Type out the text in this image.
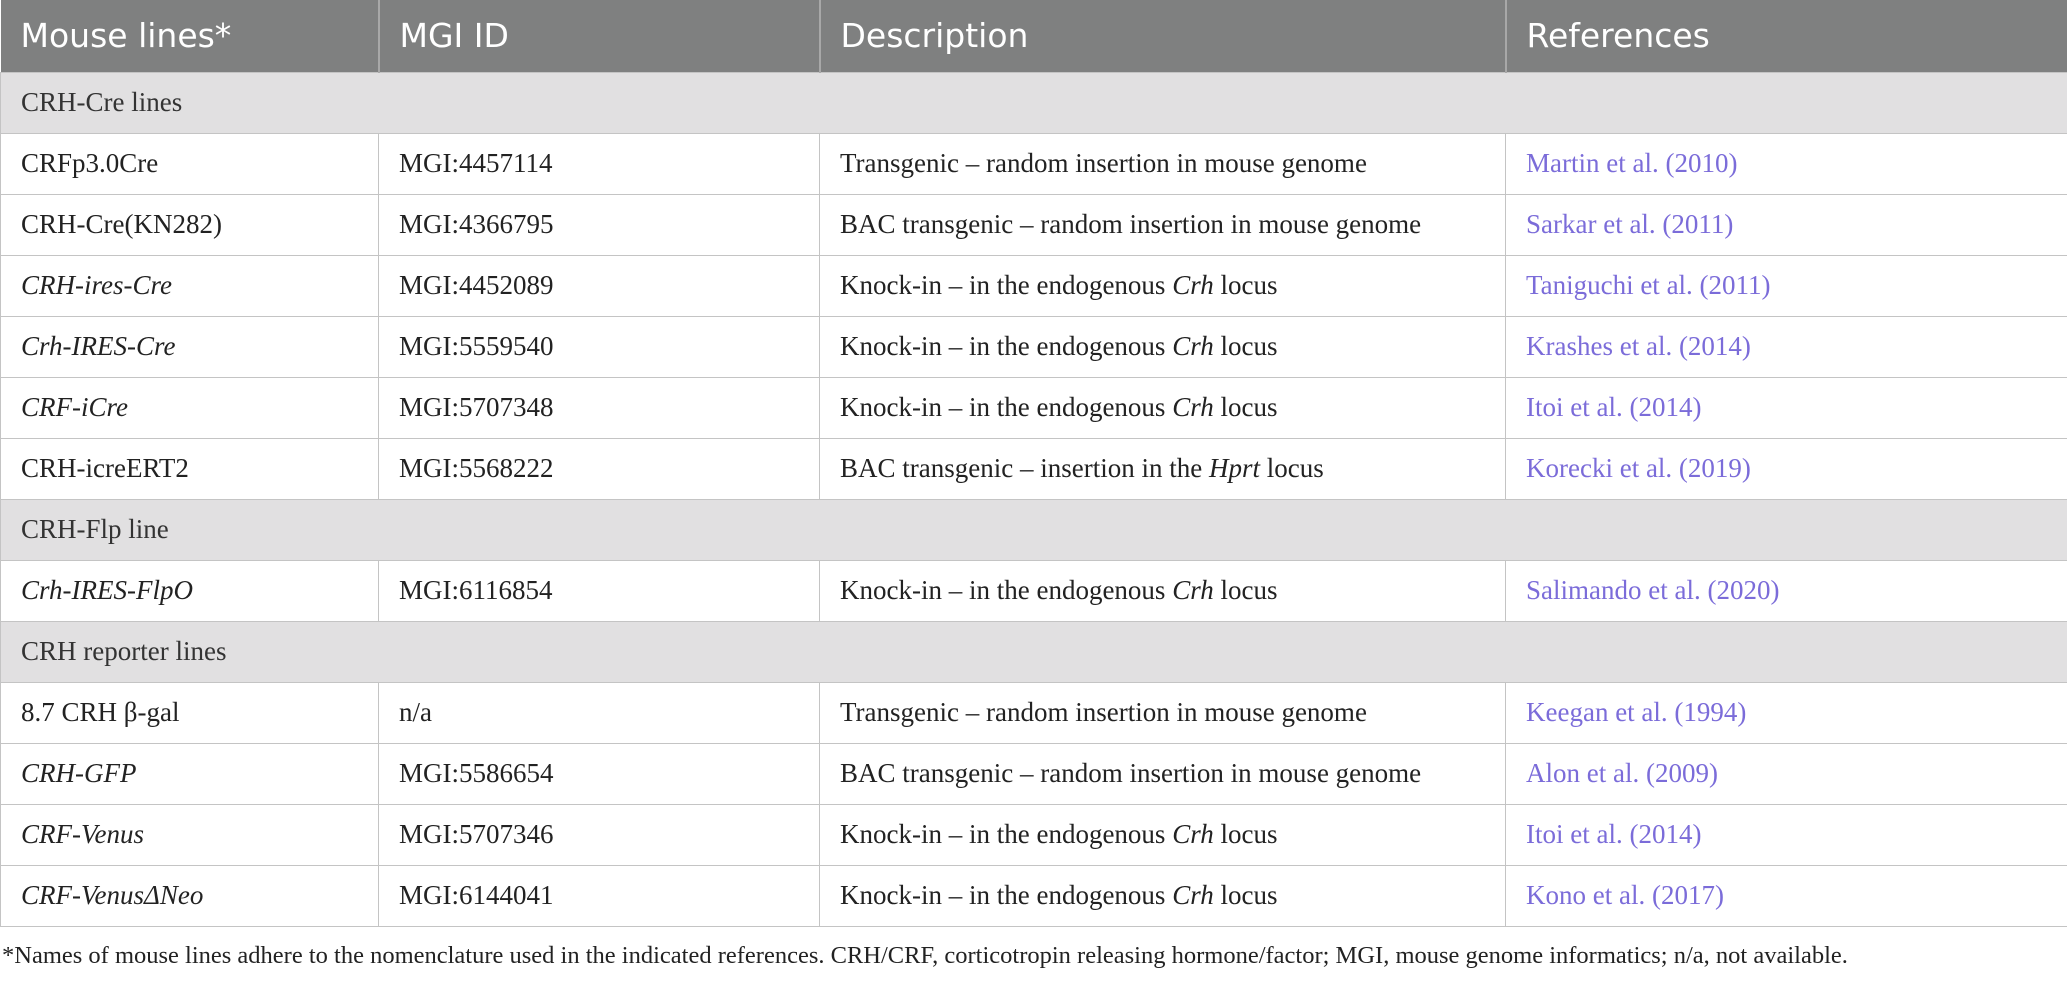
Mouse lines*	MGI ID	Description	References
CRH-Cre lines			
CRFp3.0Cre	MGI:4457114	Transgenic – random insertion in mouse genome	Martin et al. (2010)
CRH-Cre(KN282)	MGI:4366795	BAC transgenic – random insertion in mouse genome	Sarkar et al. (2011)
CRH-ires-Cre	MGI:4452089	Knock-in – in the endogenous Crh locus	Taniguchi et al. (2011)
Crh-IRES-Cre	MGI:5559540	Knock-in – in the endogenous Crh locus	Krashes et al. (2014)
CRF-iCre	MGI:5707348	Knock-in – in the endogenous Crh locus	Itoi et al. (2014)
CRH-icreERT2	MGI:5568222	BAC transgenic – insertion in the Hprt locus	Korecki et al. (2019)
CRH-Flp line			
Crh-IRES-FlpO	MGI:6116854	Knock-in – in the endogenous Crh locus	Salimando et al. (2020)
CRH reporter lines			
8.7 CRH β-gal	n/a	Transgenic – random insertion in mouse genome	Keegan et al. (1994)
CRH-GFP	MGI:5586654	BAC transgenic – random insertion in mouse genome	Alon et al. (2009)
CRF-Venus	MGI:5707346	Knock-in – in the endogenous Crh locus	Itoi et al. (2014)
CRF-VenusΔNeo	MGI:6144041	Knock-in – in the endogenous Crh locus	Kono et al. (2017)
*Names of mouse lines adhere to the nomenclature used in the indicated references. CRH/CRF, corticotropin releasing hormone/factor; MGI, mouse genome informatics; n/a, not available.
